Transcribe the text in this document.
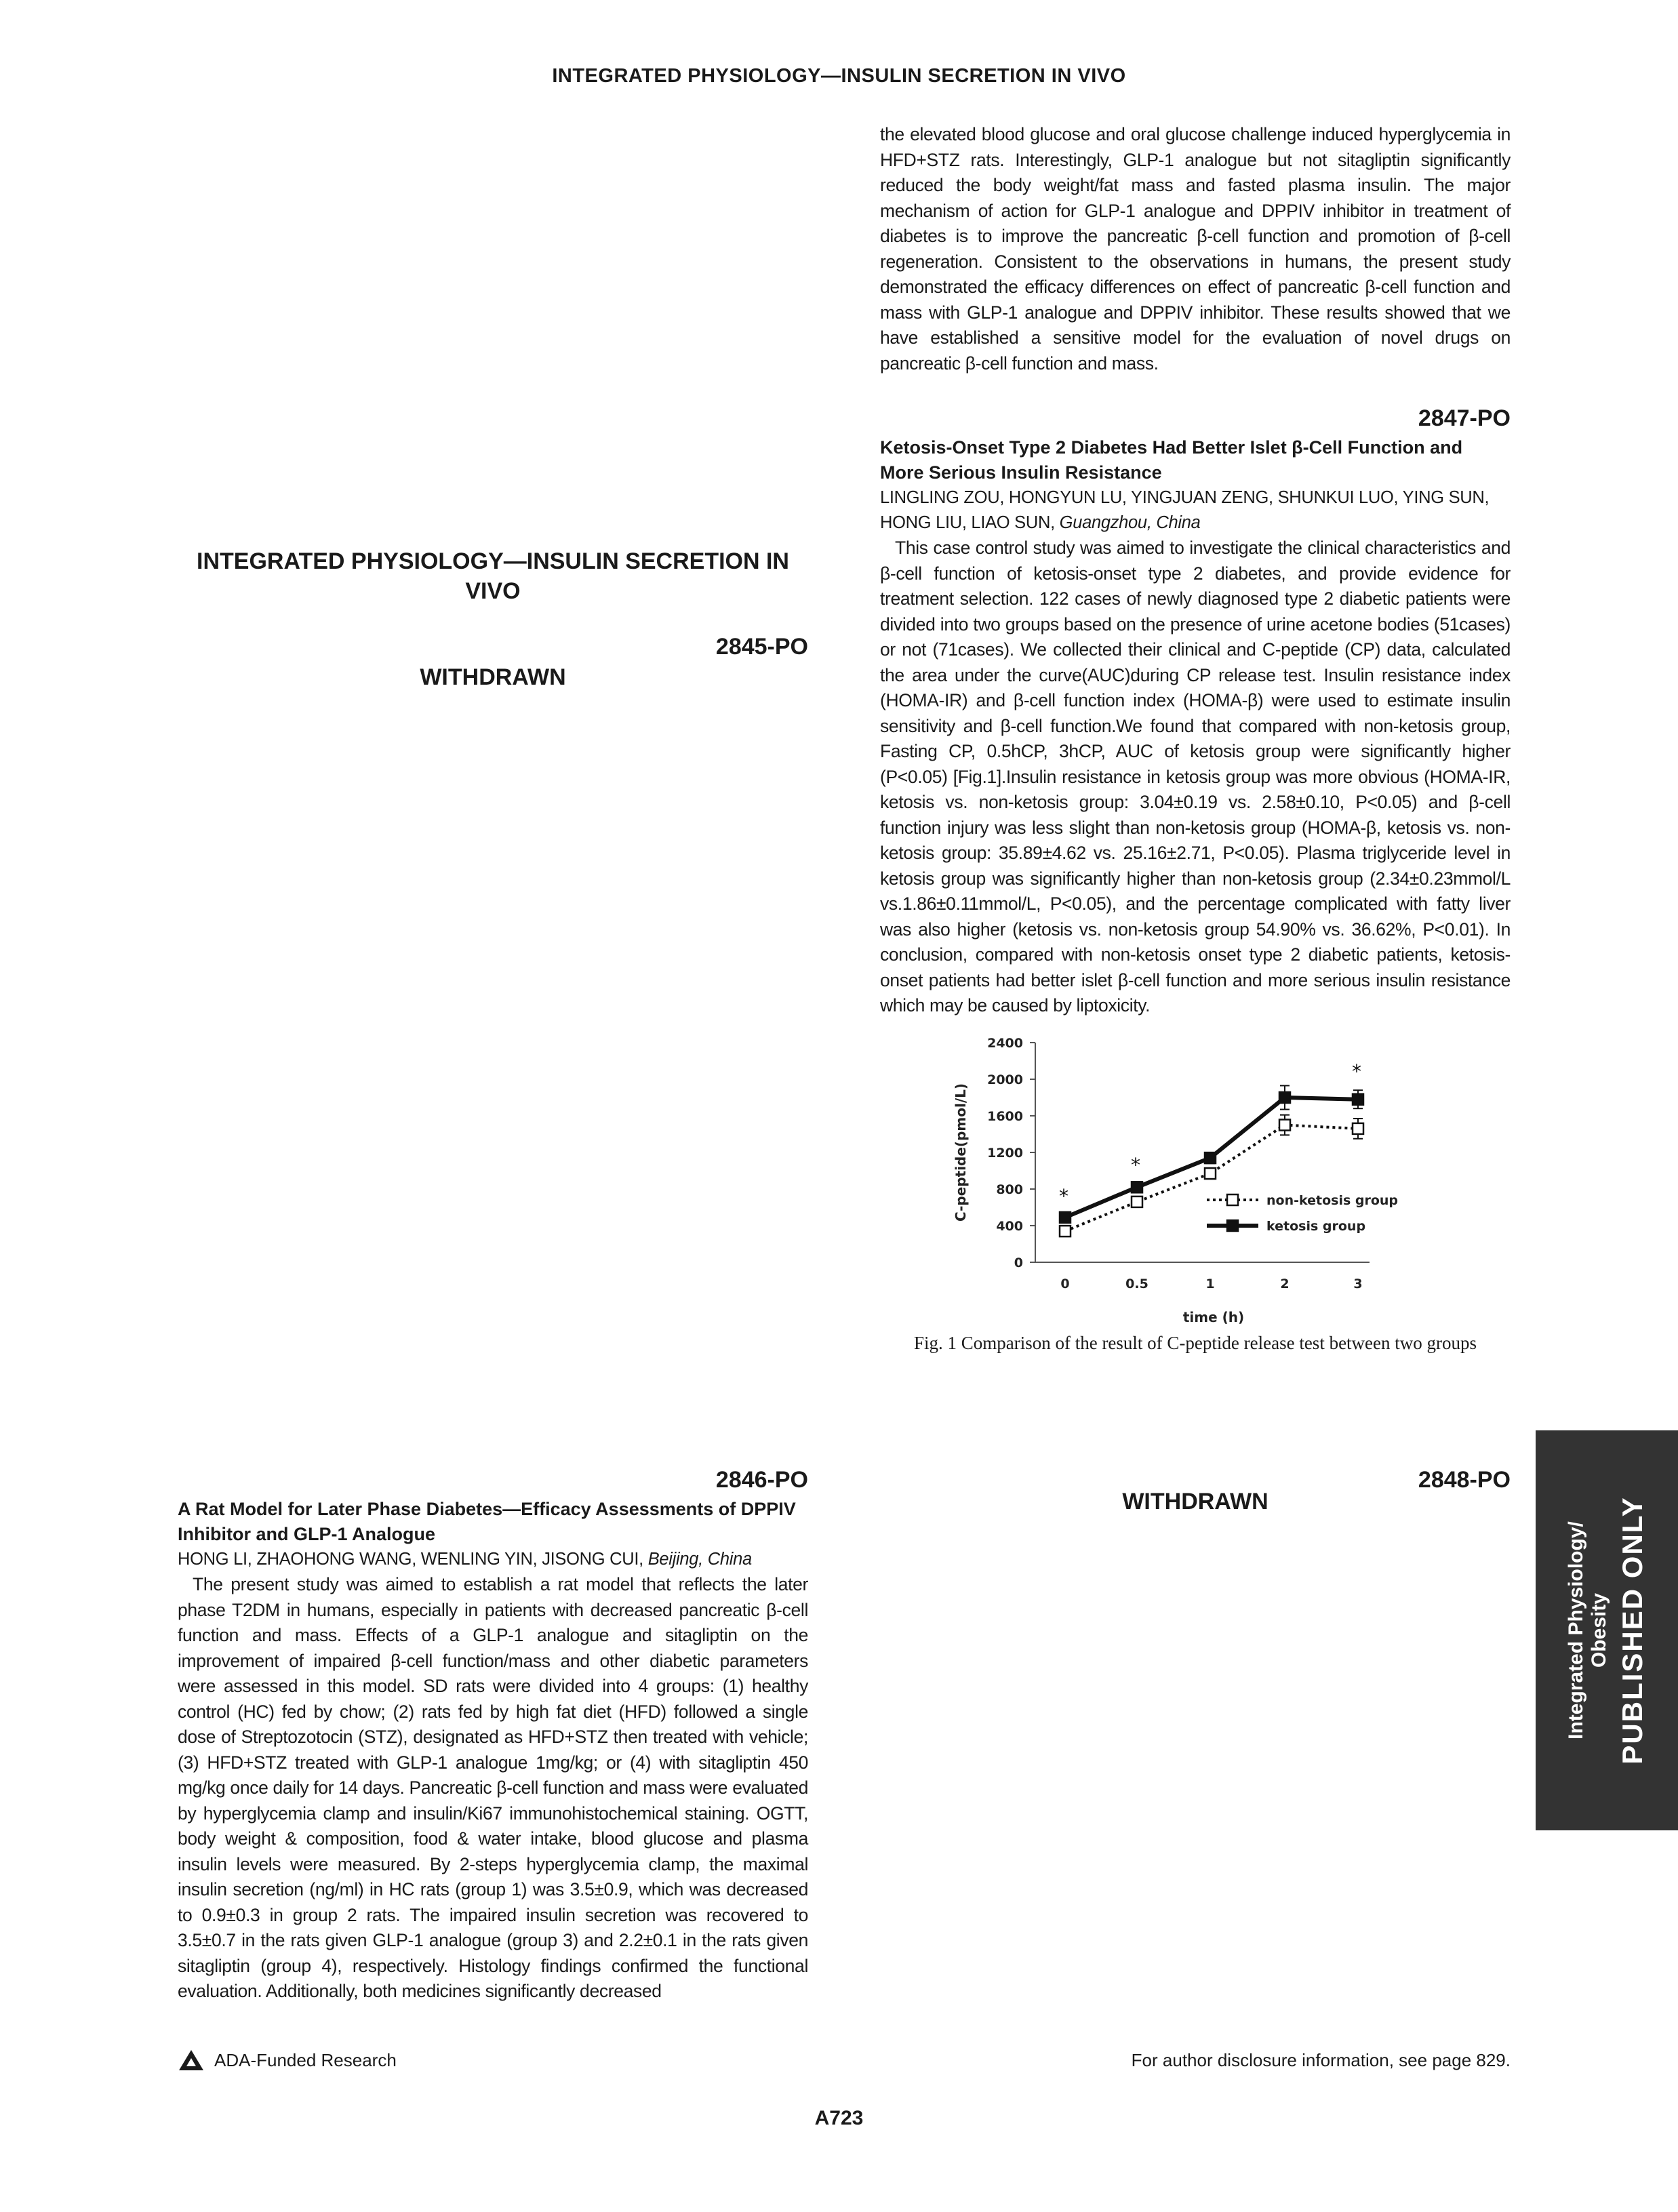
INTEGRATED PHYSIOLOGY—INSULIN SECRETION IN VIVO
INTEGRATED PHYSIOLOGY—INSULIN SECRETION IN VIVO
2845-PO
WITHDRAWN
2846-PO

A Rat Model for Later Phase Diabetes—Efficacy Assessments of DPPIV Inhibitor and GLP-1 Analogue

HONG LI, ZHAOHONG WANG, WENLING YIN, JISONG CUI, Beijing, China

The present study was aimed to establish a rat model that reflects the later phase T2DM in humans, especially in patients with decreased pancreatic β-cell function and mass. Effects of a GLP-1 analogue and sitagliptin on the improvement of impaired β-cell function/mass and other diabetic parameters were assessed in this model. SD rats were divided into 4 groups: (1) healthy control (HC) fed by chow; (2) rats fed by high fat diet (HFD) followed a single dose of Streptozotocin (STZ), designated as HFD+STZ then treated with vehicle; (3) HFD+STZ treated with GLP-1 analogue 1mg/kg; or (4) with sitagliptin 450 mg/kg once daily for 14 days. Pancreatic β-cell function and mass were evaluated by hyperglycemia clamp and insulin/Ki67 immunohistochemical staining. OGTT, body weight & composition, food & water intake, blood glucose and plasma insulin levels were measured. By 2-steps hyperglycemia clamp, the maximal insulin secretion (ng/ml) in HC rats (group 1) was 3.5±0.9, which was decreased to 0.9±0.3 in group 2 rats. The impaired insulin secretion was recovered to 3.5±0.7 in the rats given GLP-1 analogue (group 3) and 2.2±0.1 in the rats given sitagliptin (group 4), respectively. Histology findings confirmed the functional evaluation. Additionally, both medicines significantly decreased

the elevated blood glucose and oral glucose challenge induced hyperglycemia in HFD+STZ rats. Interestingly, GLP-1 analogue but not sitagliptin significantly reduced the body weight/fat mass and fasted plasma insulin. The major mechanism of action for GLP-1 analogue and DPPIV inhibitor in treatment of diabetes is to improve the pancreatic β-cell function and promotion of β-cell regeneration. Consistent to the observations in humans, the present study demonstrated the efficacy differences on effect of pancreatic β-cell function and mass with GLP-1 analogue and DPPIV inhibitor. These results showed that we have established a sensitive model for the evaluation of novel drugs on pancreatic β-cell function and mass.

2847-PO

Ketosis-Onset Type 2 Diabetes Had Better Islet β-Cell Function and More Serious Insulin Resistance

LINGLING ZOU, HONGYUN LU, YINGJUAN ZENG, SHUNKUI LUO, YING SUN, HONG LIU, LIAO SUN, Guangzhou, China

This case control study was aimed to investigate the clinical characteristics and β-cell function of ketosis-onset type 2 diabetes, and provide evidence for treatment selection. 122 cases of newly diagnosed type 2 diabetic patients were divided into two groups based on the presence of urine acetone bodies (51cases) or not (71cases). We collected their clinical and C-peptide (CP) data, calculated the area under the curve(AUC)during CP release test. Insulin resistance index (HOMA-IR) and β-cell function index (HOMA-β) were used to estimate insulin sensitivity and β-cell function.We found that compared with non-ketosis group, Fasting CP, 0.5hCP, 3hCP, AUC of ketosis group were significantly higher (P<0.05) [Fig.1].Insulin resistance in ketosis group was more obvious (HOMA-IR, ketosis vs. non-ketosis group: 3.04±0.19 vs. 2.58±0.10, P<0.05) and β-cell function injury was less slight than non-ketosis group (HOMA-β, ketosis vs. non-ketosis group: 35.89±4.62 vs. 25.16±2.71, P<0.05). Plasma triglyceride level in ketosis group was significantly higher than non-ketosis group (2.34±0.23mmol/L vs.1.86±0.11mmol/L, P<0.05), and the percentage complicated with fatty liver was also higher (ketosis vs. non-ketosis group 54.90% vs. 36.62%, P<0.01). In conclusion, compared with non-ketosis onset type 2 diabetic patients, ketosis-onset patients had better islet β-cell function and more serious insulin resistance which may be caused by liptoxicity.

0
400
800
1200
1600
2000
2400
0	0.5	1	2	3
time (h)
C-peptide(pmol/L)	*
*
*
non-ketosis group
ketosis group
Fig. 1 Comparison of the result of C-peptide release test between two groups
2848-PO
WITHDRAWN
Integrated Physiology/ Obesity PUBLISHED ONLY
ADA-Funded Research	For author disclosure information, see page 829.
A723
